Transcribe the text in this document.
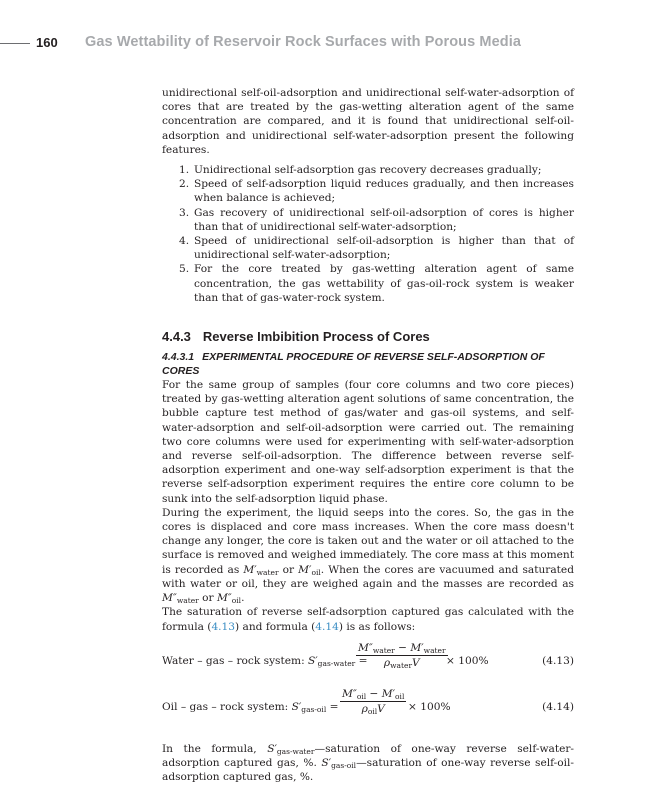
160 Gas Wettability of Reservoir Rock Surfaces with Porous Media

unidirectional self-oil-adsorption and unidirectional self-water-adsorption of cores that are treated by the gas-wetting alteration agent of the same concentration are compared, and it is found that unidirectional self-oil-adsorption and unidirectional self-water-adsorption present the following features.

1. Unidirectional self-adsorption gas recovery decreases gradually;
2. Speed of self-adsorption liquid reduces gradually, and then increases when balance is achieved;
3. Gas recovery of unidirectional self-oil-adsorption of cores is higher than that of unidirectional self-water-adsorption;
4. Speed of unidirectional self-oil-adsorption is higher than that of unidirectional self-water-adsorption;
5. For the core treated by gas-wetting alteration agent of same concentration, the gas wettability of gas-oil-rock system is weaker than that of gas-water-rock system.
4.4.3 Reverse Imbibition Process of Cores
4.4.3.1 EXPERIMENTAL PROCEDURE OF REVERSE SELF-ADSORPTION OF CORES

For the same group of samples (four core columns and two core pieces) treated by gas-wetting alteration agent solutions of same concentration, the bubble capture test method of gas/water and gas-oil systems, and self-water-adsorption and self-oil-adsorption were carried out. The remaining two core columns were used for experimenting with self-water-adsorption and reverse self-oil-adsorption. The difference between reverse self-adsorption experiment and one-way self-adsorption experiment is that the reverse self-adsorption experiment requires the entire core column to be sunk into the self-adsorption liquid phase.

During the experiment, the liquid seeps into the cores. So, the gas in the cores is displaced and core mass increases. When the core mass doesn't change any longer, the core is taken out and the water or oil attached to the surface is removed and weighed immediately. The core mass at this moment is recorded as $M'_{water}$ or $M'_{oil}$. When the cores are vacuumed and saturated with water or oil, they are weighed again and the masses are recorded as $M''_{water}$ or $M''_{oil}$.

The saturation of reverse self-adsorption captured gas calculated with the formula (4.13) and formula (4.14) is as follows:

Water – gas – rock system: $S'_{gas-water}$ =
$M''_{water} - M'_{water}$
$\rho_{water}V$	× 100%	(4.13)
Oil – gas – rock system: $S'_{gas-oil}$ =
$M''_{oil} - M'_{oil}$
$\rho_{oil}V$	× 100%	(4.14)

In the formula, $S'_{gas-water}—saturation$ of one-way reverse self-water-adsorption captured gas, %. $S'_{gas-oil}—saturation$ of one-way reverse self-oil-adsorption captured gas, %.
